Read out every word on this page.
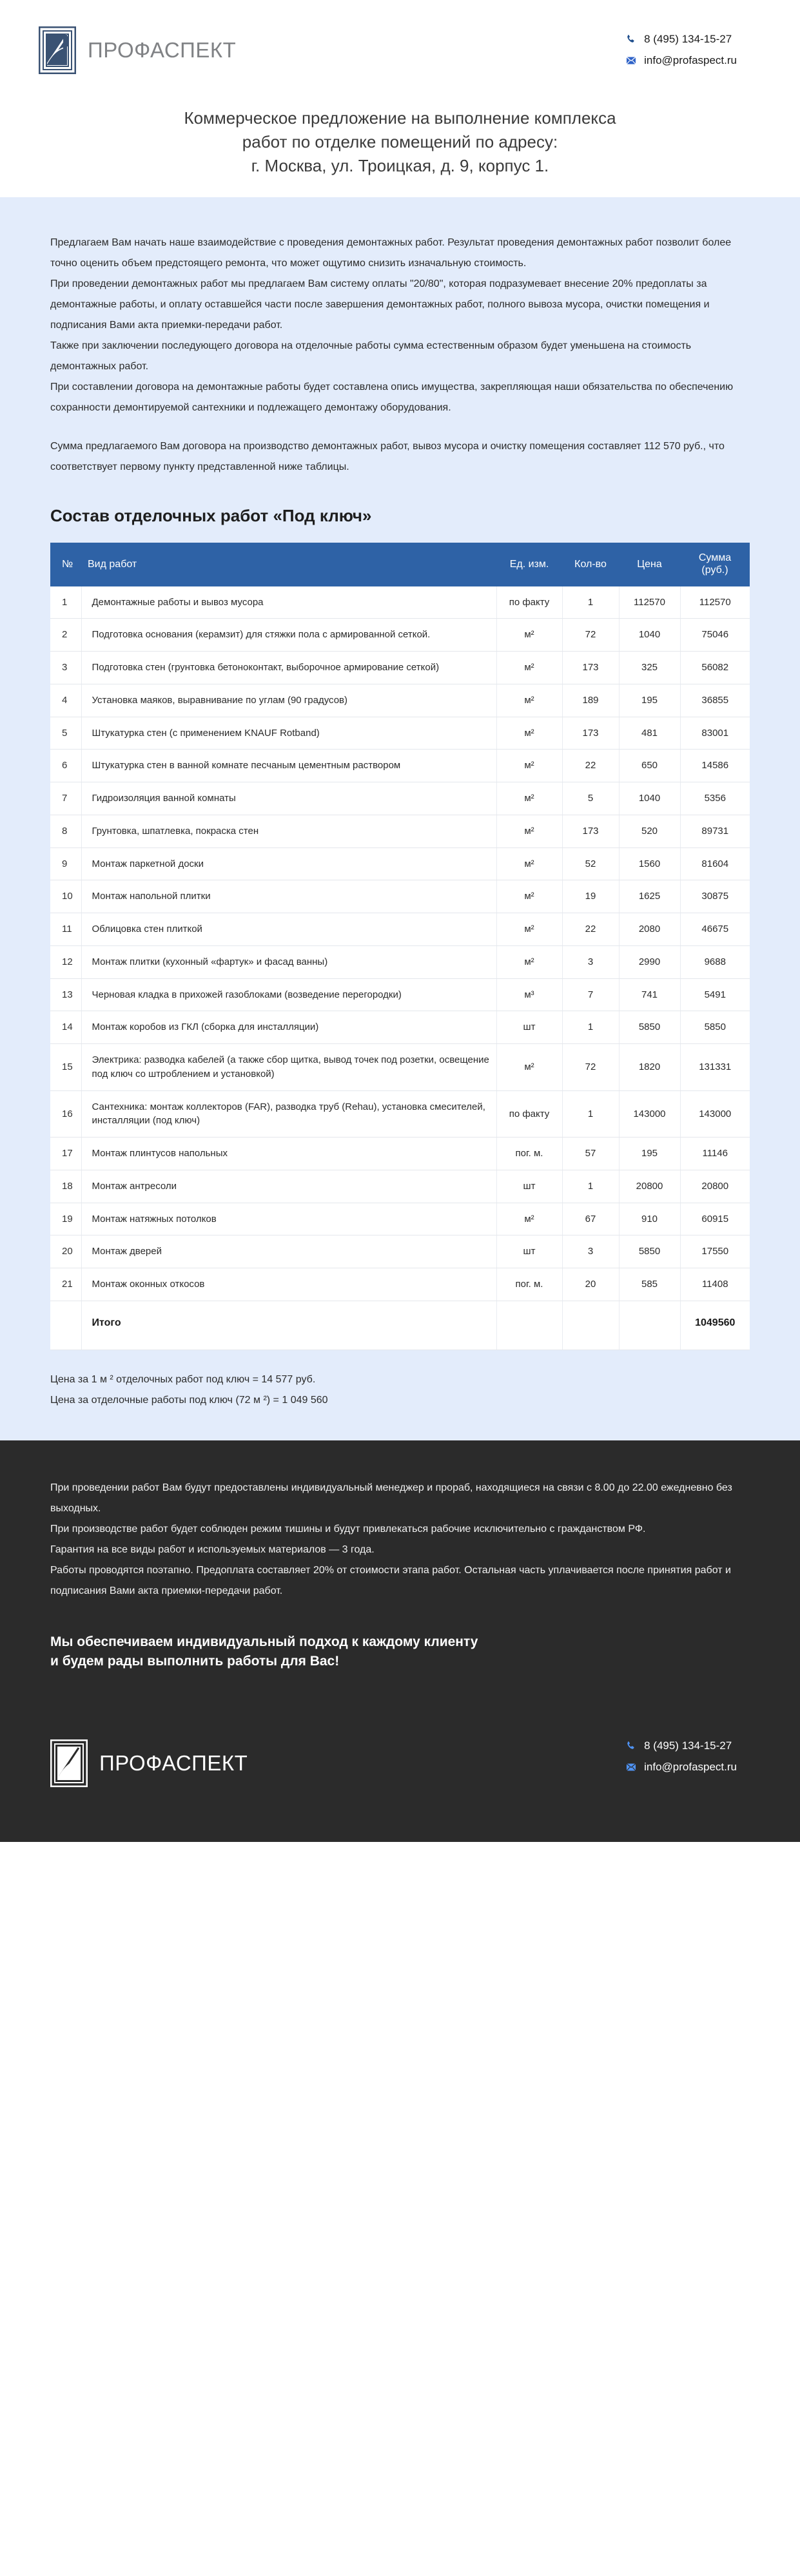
ПРОФАСПЕКТ	8 (495) 134-15-27
info@profaspect.ru
Коммерческое предложение на выполнение комплекса
работ по отделке помещений по адресу:
г. Москва, ул. Троицкая, д. 9, корпус 1.

Предлагаем Вам начать наше взаимодействие с проведения демонтажных работ. Результат проведения демонтажных работ позволит более точно оценить объем предстоящего ремонта, что может ощутимо снизить изначальную стоимость.

При проведении демонтажных работ мы предлагаем Вам систему оплаты "20/80", которая подразумевает внесение 20% предоплаты за демонтажные работы, и оплату оставшейся части после завершения демонтажных работ, полного вывоза мусора, очистки помещения и подписания Вами акта приемки-передачи работ.

Также при заключении последующего договора на отделочные работы сумма естественным образом будет уменьшена на стоимость демонтажных работ.

При составлении договора на демонтажные работы будет составлена опись имущества, закрепляющая наши обязательства по обеспечению сохранности демонтируемой сантехники и подлежащего демонтажу оборудования.

Сумма предлагаемого Вам договора на производство демонтажных работ, вывоз мусора и очистку помещения составляет 112 570 руб., что соответствует первому пункту представленной ниже таблицы.

Состав отделочных работ «Под ключ»
№	Вид работ	Ед. изм.	Кол-во	Цена	Сумма
(руб.)
1	Демонтажные работы и вывоз мусора	по факту	1	112570	112570
2	Подготовка основания (керамзит) для стяжки пола с армированной сеткой.	м²	72	1040	75046
3	Подготовка стен (грунтовка бетоноконтакт, выборочное армирование сеткой)	м²	173	325	56082
4	Установка маяков, выравнивание по углам (90 градусов)	м²	189	195	36855
5	Штукатурка стен (с применением KNAUF Rotband)	м²	173	481	83001
6	Штукатурка стен в ванной комнате песчаным цементным раствором	м²	22	650	14586
7	Гидроизоляция ванной комнаты	м²	5	1040	5356
8	Грунтовка, шпатлевка, покраска стен	м²	173	520	89731
9	Монтаж паркетной доски	м²	52	1560	81604
10	Монтаж напольной плитки	м²	19	1625	30875
11	Облицовка стен плиткой	м²	22	2080	46675
12	Монтаж плитки (кухонный «фартук» и фасад ванны)	м²	3	2990	9688
13	Черновая кладка в прихожей газоблоками (возведение перегородки)	м³	7	741	5491
14	Монтаж коробов из ГКЛ (сборка для инсталляции)	шт	1	5850	5850
15	Электрика: разводка кабелей (а также сбор щитка, вывод точек под розетки, освещение под ключ со штроблением и установкой)	м²	72	1820	131331
16	Сантехника: монтаж коллекторов (FAR), разводка труб (Rehau), установка смесителей, инсталляции (под ключ)	по факту	1	143000	143000
17	Монтаж плинтусов напольных	пог. м.	57	195	11146
18	Монтаж антресоли	шт	1	20800	20800
19	Монтаж натяжных потолков	м²	67	910	60915
20	Монтаж дверей	шт	3	5850	17550
21	Монтаж оконных откосов	пог. м.	20	585	11408
	Итого				1049560

Цена за 1 м ² отделочных работ под ключ = 14 577 руб.

Цена за отделочные работы под ключ (72 м ²) = 1 049 560

При проведении работ Вам будут предоставлены индивидуальный менеджер и прораб, находящиеся на связи с 8.00 до 22.00 ежедневно без выходных.

При производстве работ будет соблюден режим тишины и будут привлекаться рабочие исключительно с гражданством РФ.

Гарантия на все виды работ и используемых материалов — 3 года.

Работы проводятся поэтапно. Предоплата составляет 20% от стоимости этапа работ. Остальная часть уплачивается после принятия работ и подписания Вами акта приемки-передачи работ.

Мы обеспечиваем индивидуальный подход к каждому клиенту
и будем рады выполнить работы для Вас!
ПРОФАСПЕКТ
8 (495) 134-15-27
info@profaspect.ru
